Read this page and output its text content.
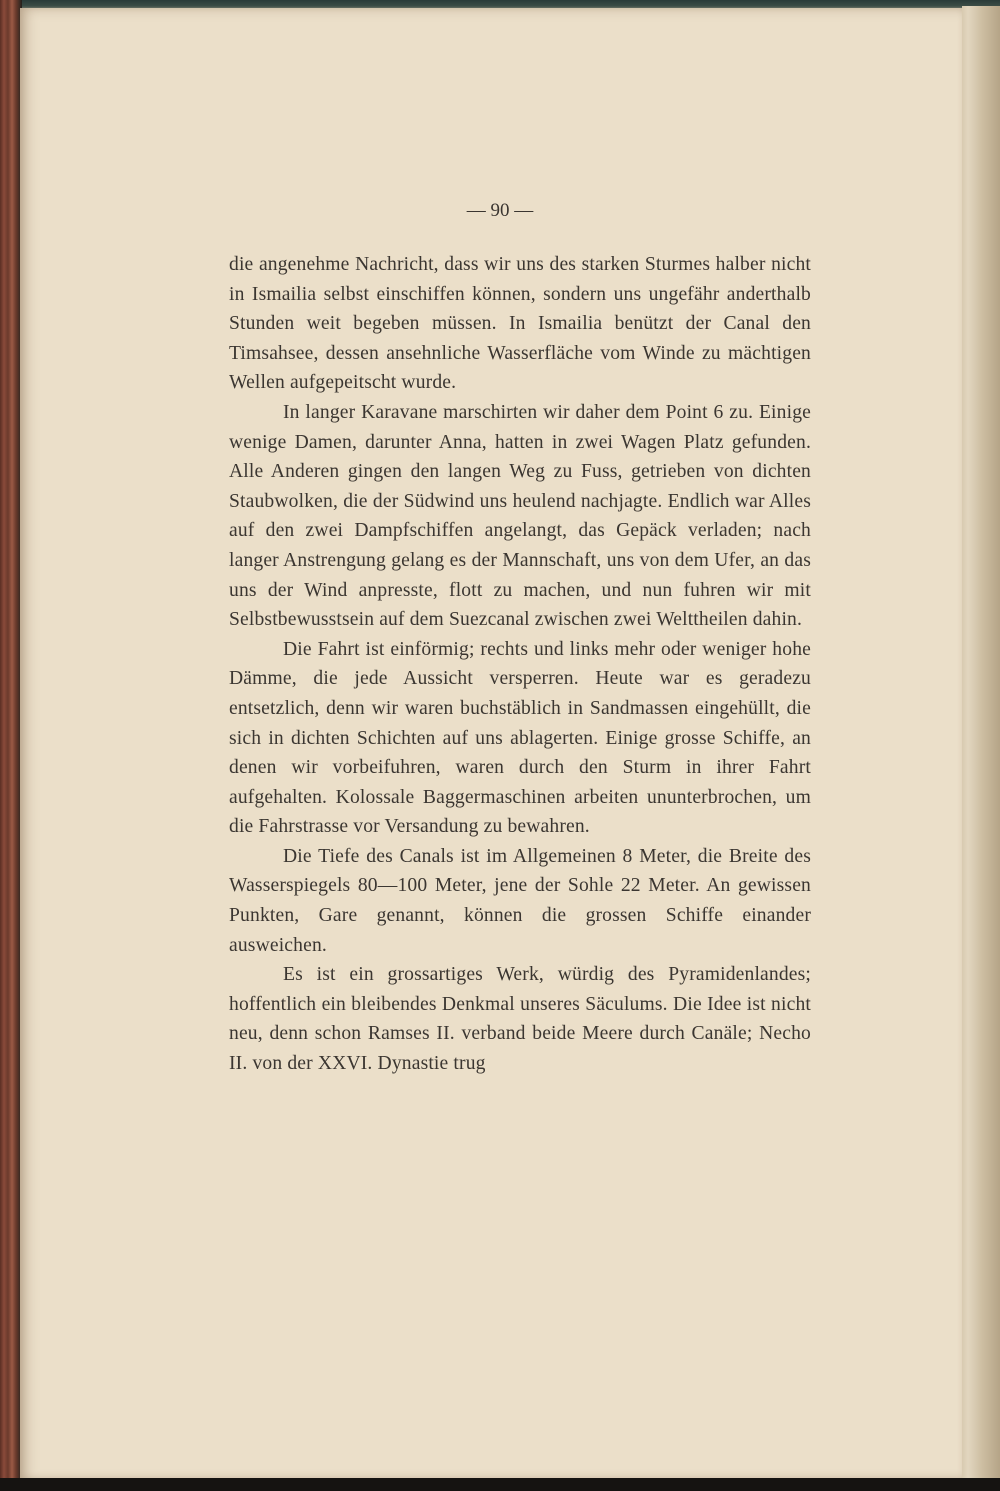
— 90 —

die angenehme Nachricht, dass wir uns des starken Sturmes halber nicht in Ismailia selbst einschiffen können, sondern uns ungefähr anderthalb Stunden weit begeben müssen. In Ismailia benützt der Canal den Timsahsee, dessen ansehnliche Wasserfläche vom Winde zu mächtigen Wellen aufgepeitscht wurde.

In langer Karavane marschirten wir daher dem Point 6 zu. Einige wenige Damen, darunter Anna, hatten in zwei Wagen Platz gefunden. Alle Anderen gingen den langen Weg zu Fuss, getrieben von dichten Staubwolken, die der Südwind uns heulend nachjagte. Endlich war Alles auf den zwei Dampfschiffen angelangt, das Gepäck verladen; nach langer Anstrengung gelang es der Mannschaft, uns von dem Ufer, an das uns der Wind anpresste, flott zu machen, und nun fuhren wir mit Selbstbewusstsein auf dem Suezcanal zwischen zwei Welttheilen dahin.

Die Fahrt ist einförmig; rechts und links mehr oder weniger hohe Dämme, die jede Aussicht versperren. Heute war es geradezu entsetzlich, denn wir waren buchstäblich in Sandmassen eingehüllt, die sich in dichten Schichten auf uns ablagerten. Einige grosse Schiffe, an denen wir vorbeifuhren, waren durch den Sturm in ihrer Fahrt aufgehalten. Kolossale Baggermaschinen arbeiten ununterbrochen, um die Fahrstrasse vor Versandung zu bewahren.

Die Tiefe des Canals ist im Allgemeinen 8 Meter, die Breite des Wasserspiegels 80—100 Meter, jene der Sohle 22 Meter. An gewissen Punkten, Gare genannt, können die grossen Schiffe einander ausweichen.

Es ist ein grossartiges Werk, würdig des Pyramidenlandes; hoffentlich ein bleibendes Denkmal unseres Säculums. Die Idee ist nicht neu, denn schon Ramses II. verband beide Meere durch Canäle; Necho II. von der XXVI. Dynastie trug
